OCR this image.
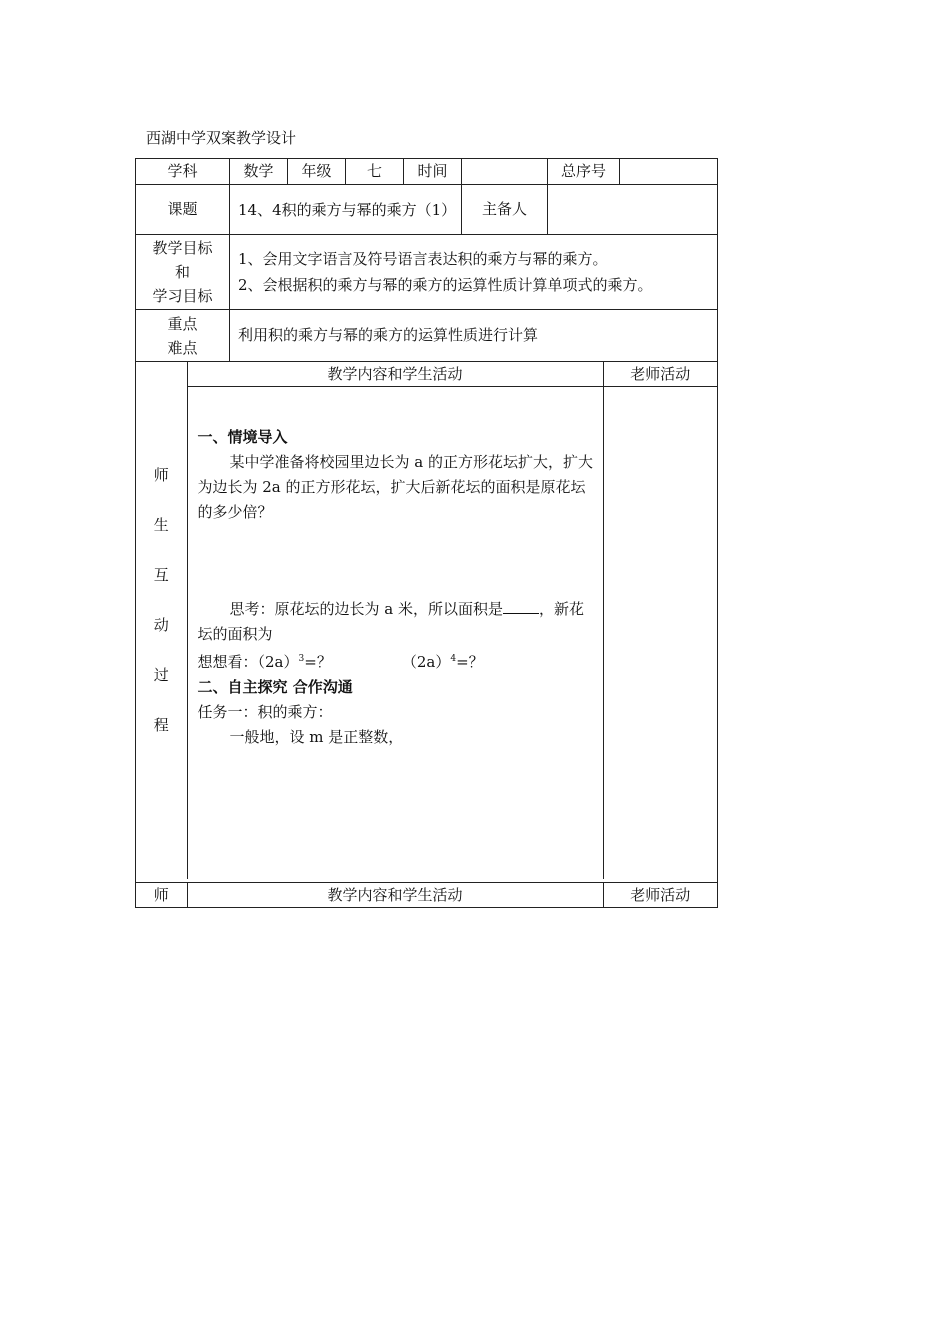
西湖中学双案教学设计
学科	数学	年级	七	时间		总序号	
课题	14、4积的乘方与幂的乘方（1）	主备人	

教学目标
和
学习目标

1、会用文字语言及符号语言表达积的乘方与幂的乘方。
2、会根据积的乘方与幂的乘方的运算性质计算单项式的乘方。

重点
难点
	利用积的乘方与幂的乘方的运算性质进行计算

师
生
互
动
过
程
	教学内容和学生活动	老师活动

一、情境导入
某中学准备将校园里边长为 a 的正方形花坛扩大，扩大为边长为 2a 的正方形花坛，扩大后新花坛的面积是原花坛的多少倍？
思考：原花坛的边长为 a 米，所以面积是 ，新花坛的面积为
想想看：$(2a)^3=$？	$(2a)^4=$？
二、自主探究 合作沟通
任务一：积的乘方：
一般地，设 m 是正整数，

师	教学内容和学生活动	老师活动
